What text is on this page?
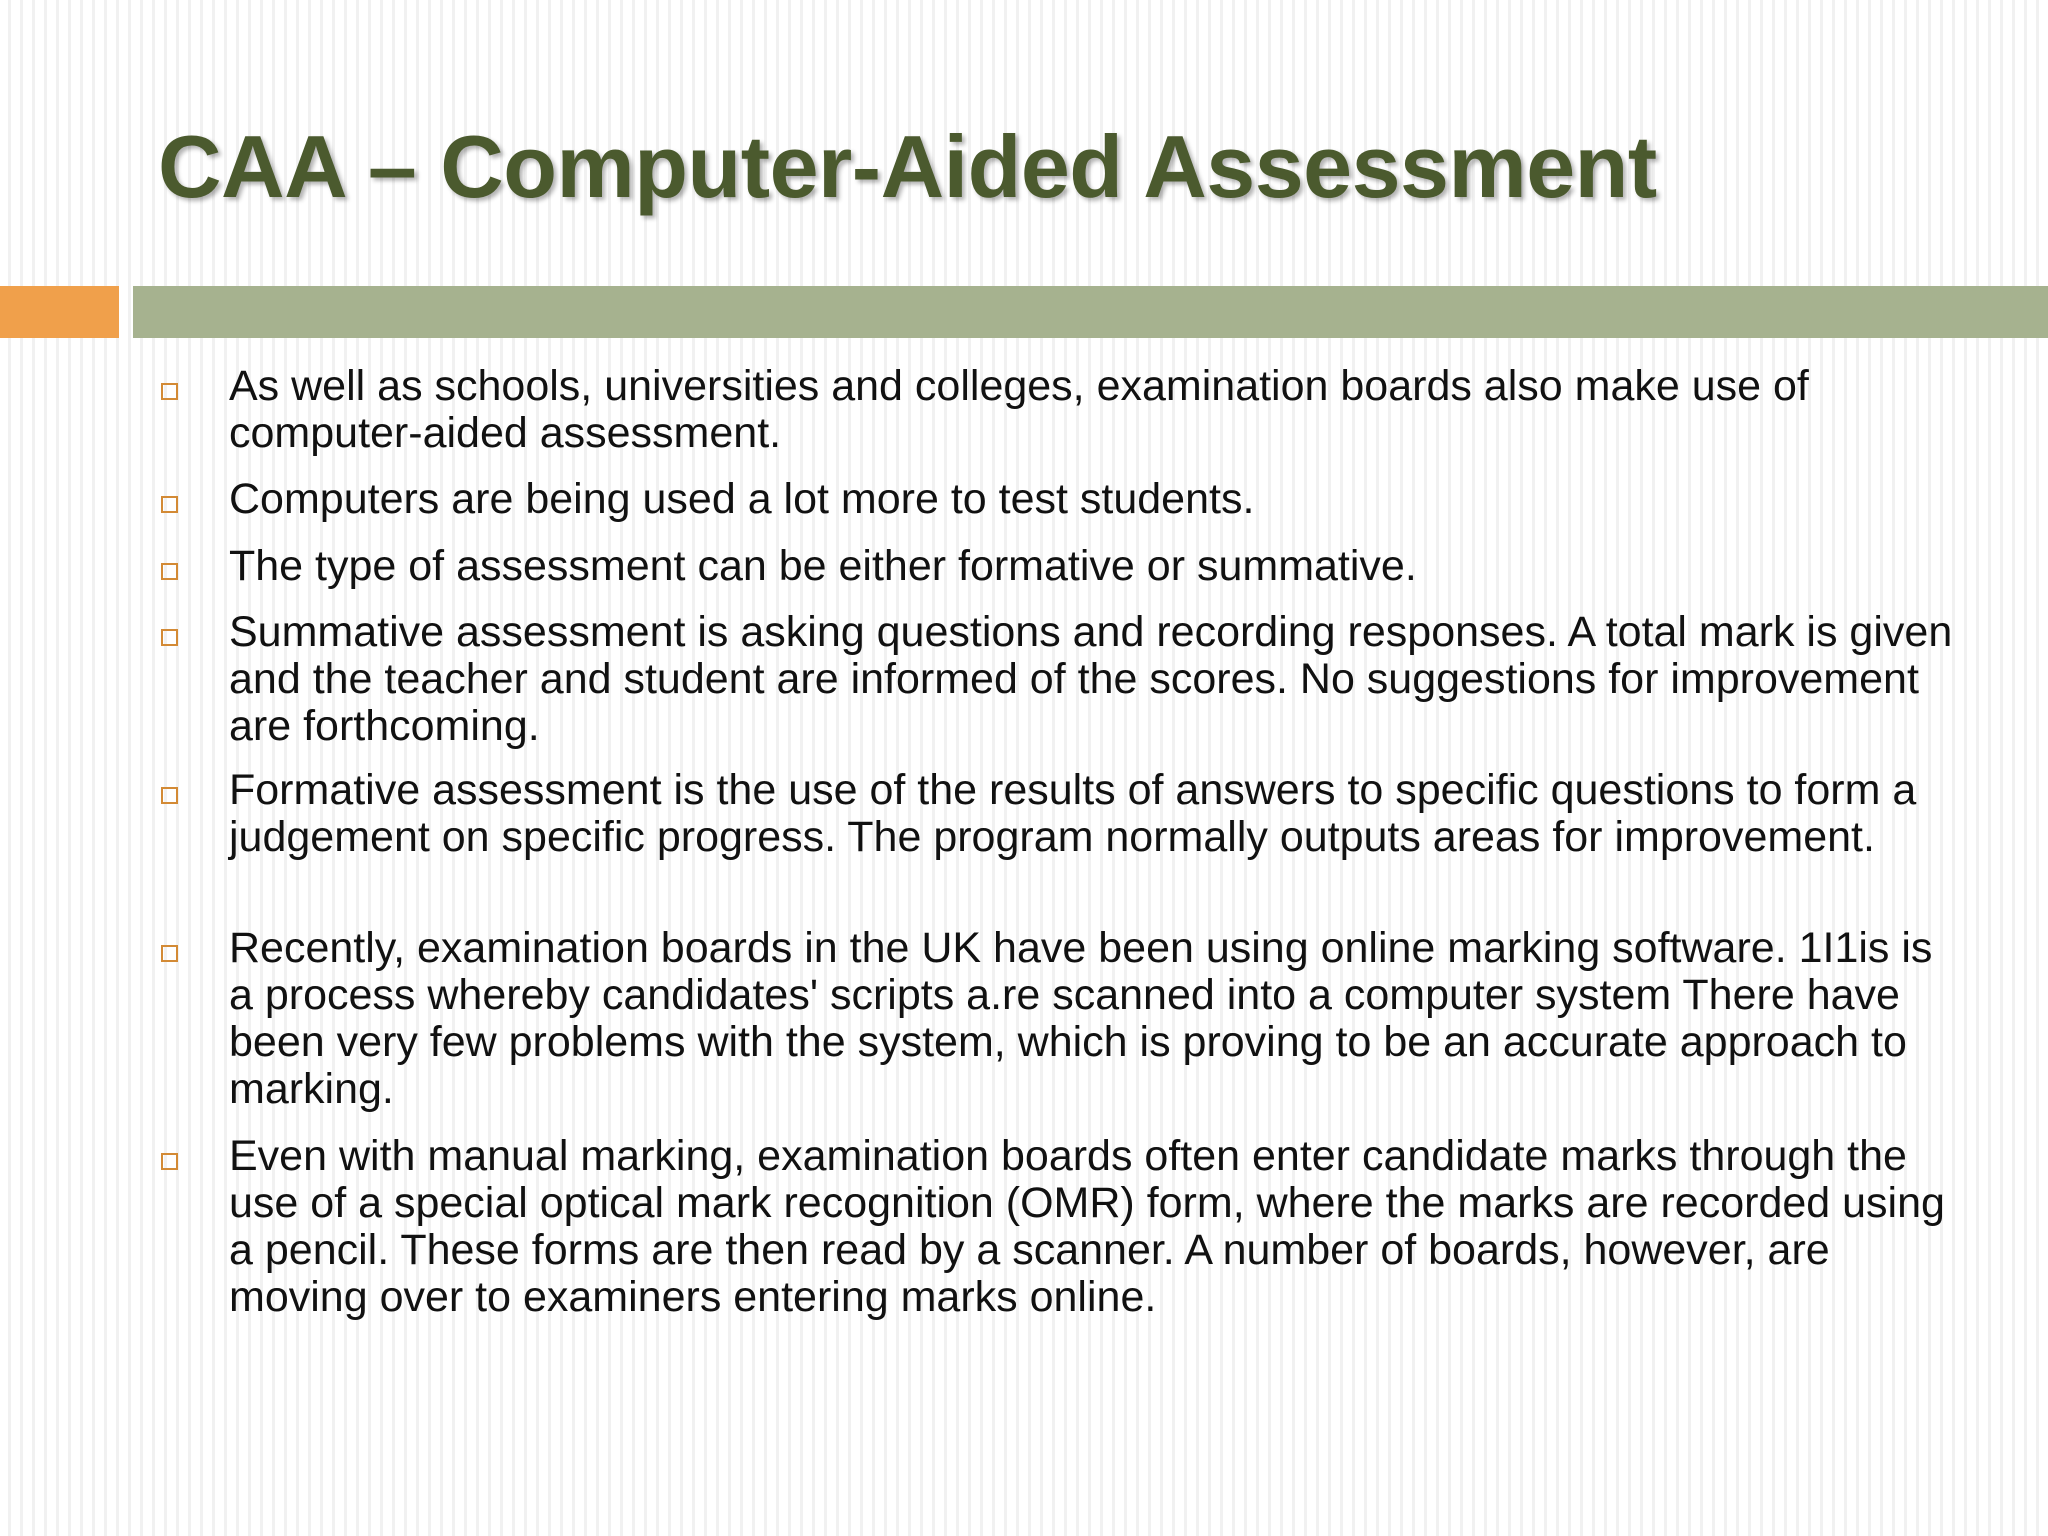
CAA – Computer-Aided Assessment

As well as schools, universities and colleges, examination boards also make use of computer-aided assessment.

Computers are being used a lot more to test students.

The type of assessment can be either formative or summative.

Summative assessment is asking questions and recording responses. A total mark is given and the teacher and student are informed of the scores. No suggestions for improvement are forthcoming.

Formative assessment is the use of the results of answers to specific questions to form a judgement on specific progress. The program normally outputs areas for improvement.

Recently, examination boards in the UK have been using online marking software. 1I1is is a process whereby candidates' scripts a.re scanned into a computer system There have been very few problems with the system, which is proving to be an accurate approach to marking.

Even with manual marking, examination boards often enter candidate marks through the use of a special optical mark recognition (OMR) form, where the marks are recorded using a pencil. These forms are then read by a scanner. A number of boards, however, are moving over to examiners entering marks online.
